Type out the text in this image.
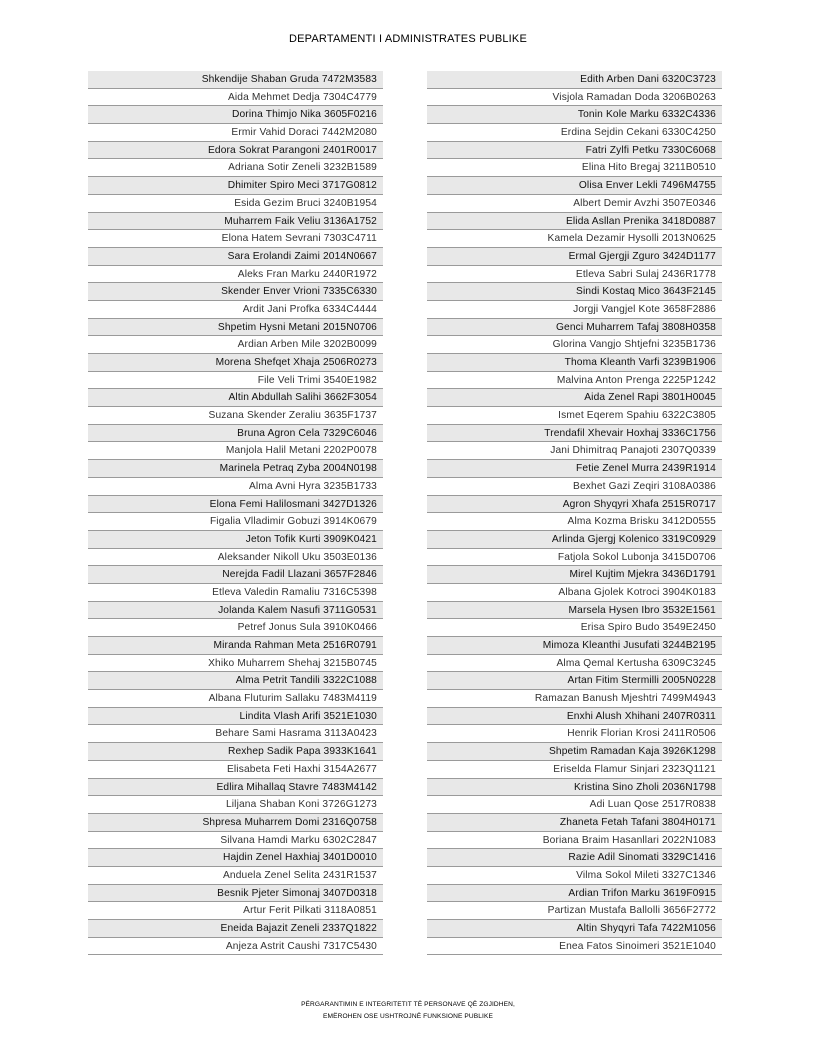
DEPARTAMENTI I ADMINISTRATES PUBLIKE
Shkendije Shaban Gruda 7472M3583
Aida Mehmet Dedja 7304C4779
Dorina Thimjo Nika 3605F0216
Ermir Vahid Doraci 7442M2080
Edora Sokrat Parangoni 2401R0017
Adriana Sotir Zeneli 3232B1589
Dhimiter Spiro Meci 3717G0812
Esida Gezim Bruci 3240B1954
Muharrem Faik Veliu 3136A1752
Elona Hatem Sevrani 7303C4711
Sara Erolandi Zaimi 2014N0667
Aleks Fran Marku 2440R1972
Skender Enver Vrioni 7335C6330
Ardit Jani Profka 6334C4444
Shpetim Hysni Metani 2015N0706
Ardian Arben Mile 3202B0099
Morena Shefqet Xhaja 2506R0273
File Veli Trimi 3540E1982
Altin Abdullah Salihi 3662F3054
Suzana Skender Zeraliu 3635F1737
Bruna Agron Cela 7329C6046
Manjola Halil Metani 2202P0078
Marinela Petraq Zyba 2004N0198
Alma Avni Hyra 3235B1733
Elona Femi Halilosmani 3427D1326
Figalia Vlladimir Gobuzi 3914K0679
Jeton Tofik Kurti 3909K0421
Aleksander Nikoll Uku 3503E0136
Nerejda Fadil Llazani 3657F2846
Etleva Valedin Ramaliu 7316C5398
Jolanda Kalem Nasufi 3711G0531
Petref Jonus Sula 3910K0466
Miranda Rahman Meta 2516R0791
Xhiko Muharrem Shehaj 3215B0745
Alma Petrit Tandili 3322C1088
Albana Fluturim Sallaku 7483M4119
Lindita Vlash Arifi 3521E1030
Behare Sami Hasrama 3113A0423
Rexhep Sadik Papa 3933K1641
Elisabeta Feti Haxhi 3154A2677
Edlira Mihallaq Stavre 7483M4142
Liljana Shaban Koni 3726G1273
Shpresa Muharrem Domi 2316Q0758
Silvana Hamdi Marku 6302C2847
Hajdin Zenel Haxhiaj 3401D0010
Anduela Zenel Selita 2431R1537
Besnik Pjeter Simonaj 3407D0318
Artur Ferit Pilkati 3118A0851
Eneida Bajazit Zeneli 2337Q1822
Anjeza Astrit Caushi 7317C5430
Edith Arben Dani 6320C3723
Visjola Ramadan Doda 3206B0263
Tonin Kole Marku 6332C4336
Erdina Sejdin Cekani 6330C4250
Fatri Zylfi Petku 7330C6068
Elina Hito Bregaj 3211B0510
Olisa Enver Lekli 7496M4755
Albert Demir Avzhi 3507E0346
Elida Asllan Prenika 3418D0887
Kamela Dezamir Hysolli 2013N0625
Ermal Gjergji Zguro 3424D1177
Etleva Sabri Sulaj 2436R1778
Sindi Kostaq Mico 3643F2145
Jorgji Vangjel Kote 3658F2886
Genci Muharrem Tafaj 3808H0358
Glorina Vangjo Shtjefni 3235B1736
Thoma Kleanth Varfi 3239B1906
Malvina Anton Prenga 2225P1242
Aida Zenel Rapi 3801H0045
Ismet Eqerem Spahiu 6322C3805
Trendafil Xhevair Hoxhaj 3336C1756
Jani Dhimitraq Panajoti 2307Q0339
Fetie Zenel Murra 2439R1914
Bexhet Gazi Zeqiri 3108A0386
Agron Shyqyri Xhafa 2515R0717
Alma Kozma Brisku 3412D0555
Arlinda Gjergj Kolenico 3319C0929
Fatjola Sokol Lubonja 3415D0706
Mirel Kujtim Mjekra 3436D1791
Albana Gjolek Kotroci 3904K0183
Marsela Hysen Ibro 3532E1561
Erisa Spiro Budo 3549E2450
Mimoza Kleanthi Jusufati 3244B2195
Alma Qemal Kertusha 6309C3245
Artan Fitim Stermilli 2005N0228
Ramazan Banush Mjeshtri 7499M4943
Enxhi Alush Xhihani 2407R0311
Henrik Florian Krosi 2411R0506
Shpetim Ramadan Kaja 3926K1298
Eriselda Flamur Sinjari 2323Q1121
Kristina Sino Zholi 2036N1798
Adi Luan Qose 2517R0838
Zhaneta Fetah Tafani 3804H0171
Boriana Braim Hasanllari 2022N1083
Razie Adil Sinomati 3329C1416
Vilma Sokol Mileti 3327C1346
Ardian Trifon Marku 3619F0915
Partizan Mustafa Ballolli 3656F2772
Altin Shyqyri Tafa 7422M1056
Enea Fatos Sinoimeri 3521E1040
PËRGARANTIMIN E INTEGRITETIT TË PERSONAVE QË ZGJIDHEN,
EMËROHEN OSE USHTROJNË FUNKSIONE PUBLIKE
